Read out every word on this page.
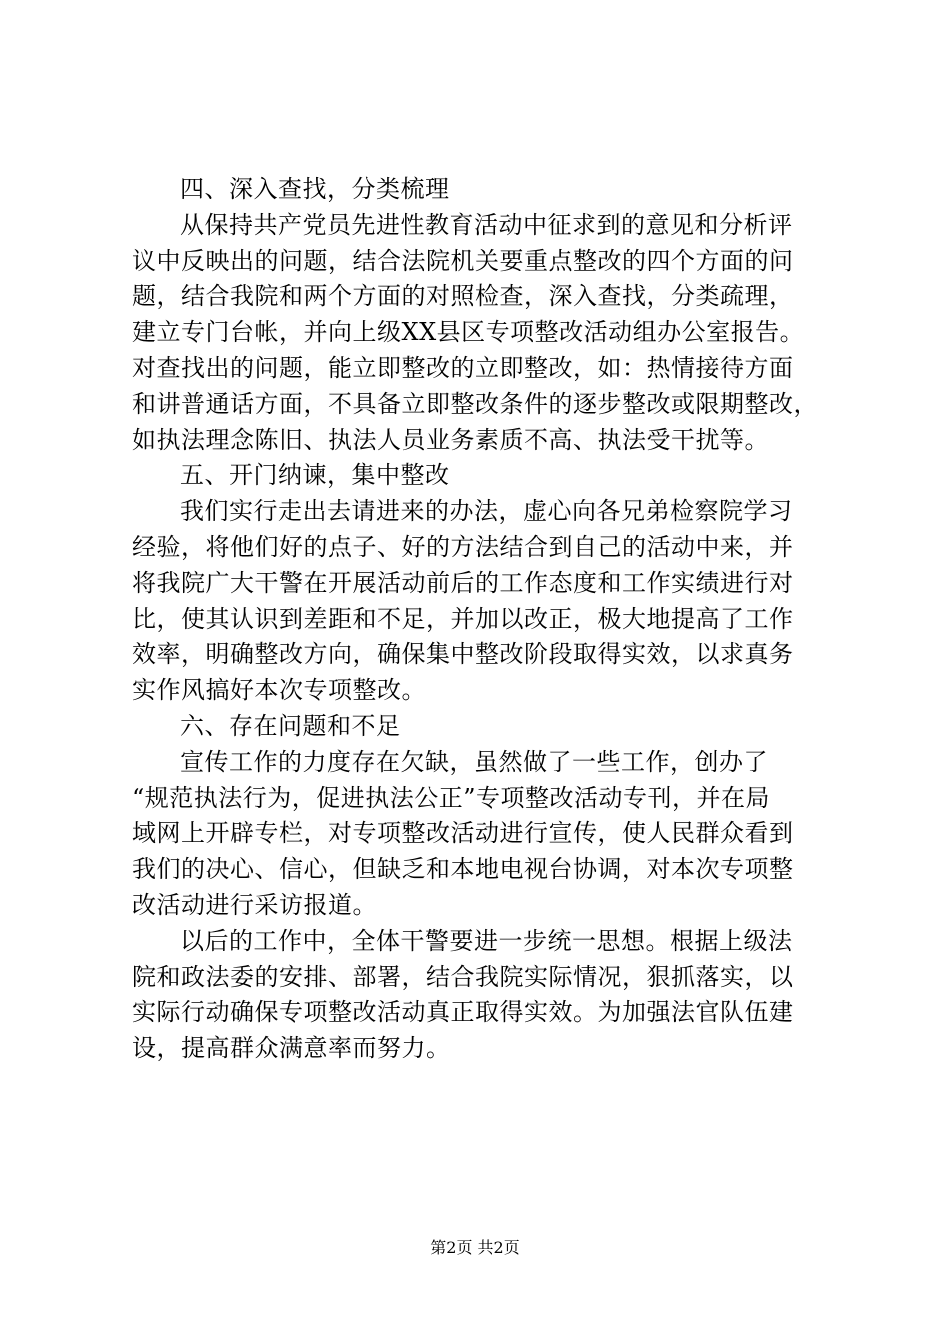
四、深入查找，分类梳理
从保持共产党员先进性教育活动中征求到的意见和分析评
议中反映出的问题，结合法院机关要重点整改的四个方面的问
题，结合我院和两个方面的对照检查，深入查找，分类疏理，
建立专门台帐，并向上级XX县区专项整改活动组办公室报告。
对查找出的问题，能立即整改的立即整改，如：热情接待方面
和讲普通话方面，不具备立即整改条件的逐步整改或限期整改，
如执法理念陈旧、执法人员业务素质不高、执法受干扰等。
五、开门纳谏，集中整改
我们实行走出去请进来的办法，虚心向各兄弟检察院学习
经验，将他们好的点子、好的方法结合到自己的活动中来，并
将我院广大干警在开展活动前后的工作态度和工作实绩进行对
比，使其认识到差距和不足，并加以改正，极大地提高了工作
效率，明确整改方向，确保集中整改阶段取得实效，以求真务
实作风搞好本次专项整改。
六、存在问题和不足
宣传工作的力度存在欠缺，虽然做了一些工作，创办了
“规范执法行为，促进执法公正”专项整改活动专刊，并在局
域网上开辟专栏，对专项整改活动进行宣传，使人民群众看到
我们的决心、信心，但缺乏和本地电视台协调，对本次专项整
改活动进行采访报道。
以后的工作中，全体干警要进一步统一思想。根据上级法
院和政法委的安排、部署，结合我院实际情况，狠抓落实，以
实际行动确保专项整改活动真正取得实效。为加强法官队伍建
设，提高群众满意率而努力。
第2页 共2页
